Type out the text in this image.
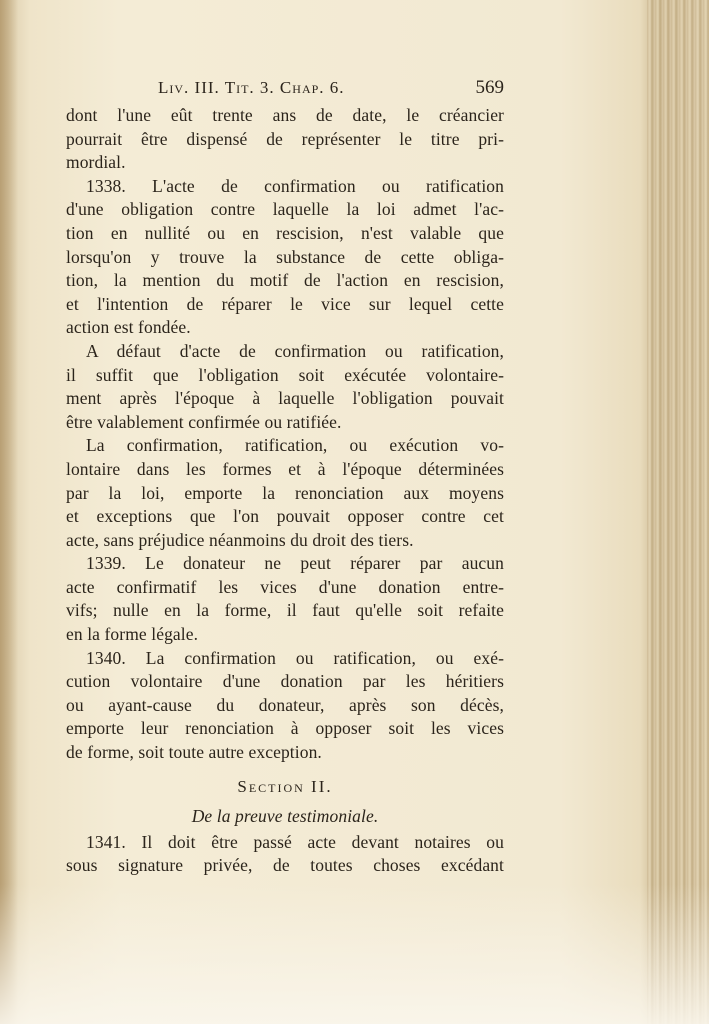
Liv. III. Tit. 3. Chap. 6.	569
dont l'une eût trente ans de date, le créancier
pourrait être dispensé de représenter le titre pri-
mordial.
1338. L'acte de confirmation ou ratification
d'une obligation contre laquelle la loi admet l'ac-
tion en nullité ou en rescision, n'est valable que
lorsqu'on y trouve la substance de cette obliga-
tion, la mention du motif de l'action en rescision,
et l'intention de réparer le vice sur lequel cette
action est fondée.
A défaut d'acte de confirmation ou ratification,
il suffit que l'obligation soit exécutée volontaire-
ment après l'époque à laquelle l'obligation pouvait
être valablement confirmée ou ratifiée.
La confirmation, ratification, ou exécution vo-
lontaire dans les formes et à l'époque déterminées
par la loi, emporte la renonciation aux moyens
et exceptions que l'on pouvait opposer contre cet
acte, sans préjudice néanmoins du droit des tiers.
1339. Le donateur ne peut réparer par aucun
acte confirmatif les vices d'une donation entre-
vifs; nulle en la forme, il faut qu'elle soit refaite
en la forme légale.
1340. La confirmation ou ratification, ou exé-
cution volontaire d'une donation par les héritiers
ou ayant-cause du donateur, après son décès,
emporte leur renonciation à opposer soit les vices
de forme, soit toute autre exception.
Section II.
De la preuve testimoniale.
1341. Il doit être passé acte devant notaires ou
sous signature privée, de toutes choses excédant
